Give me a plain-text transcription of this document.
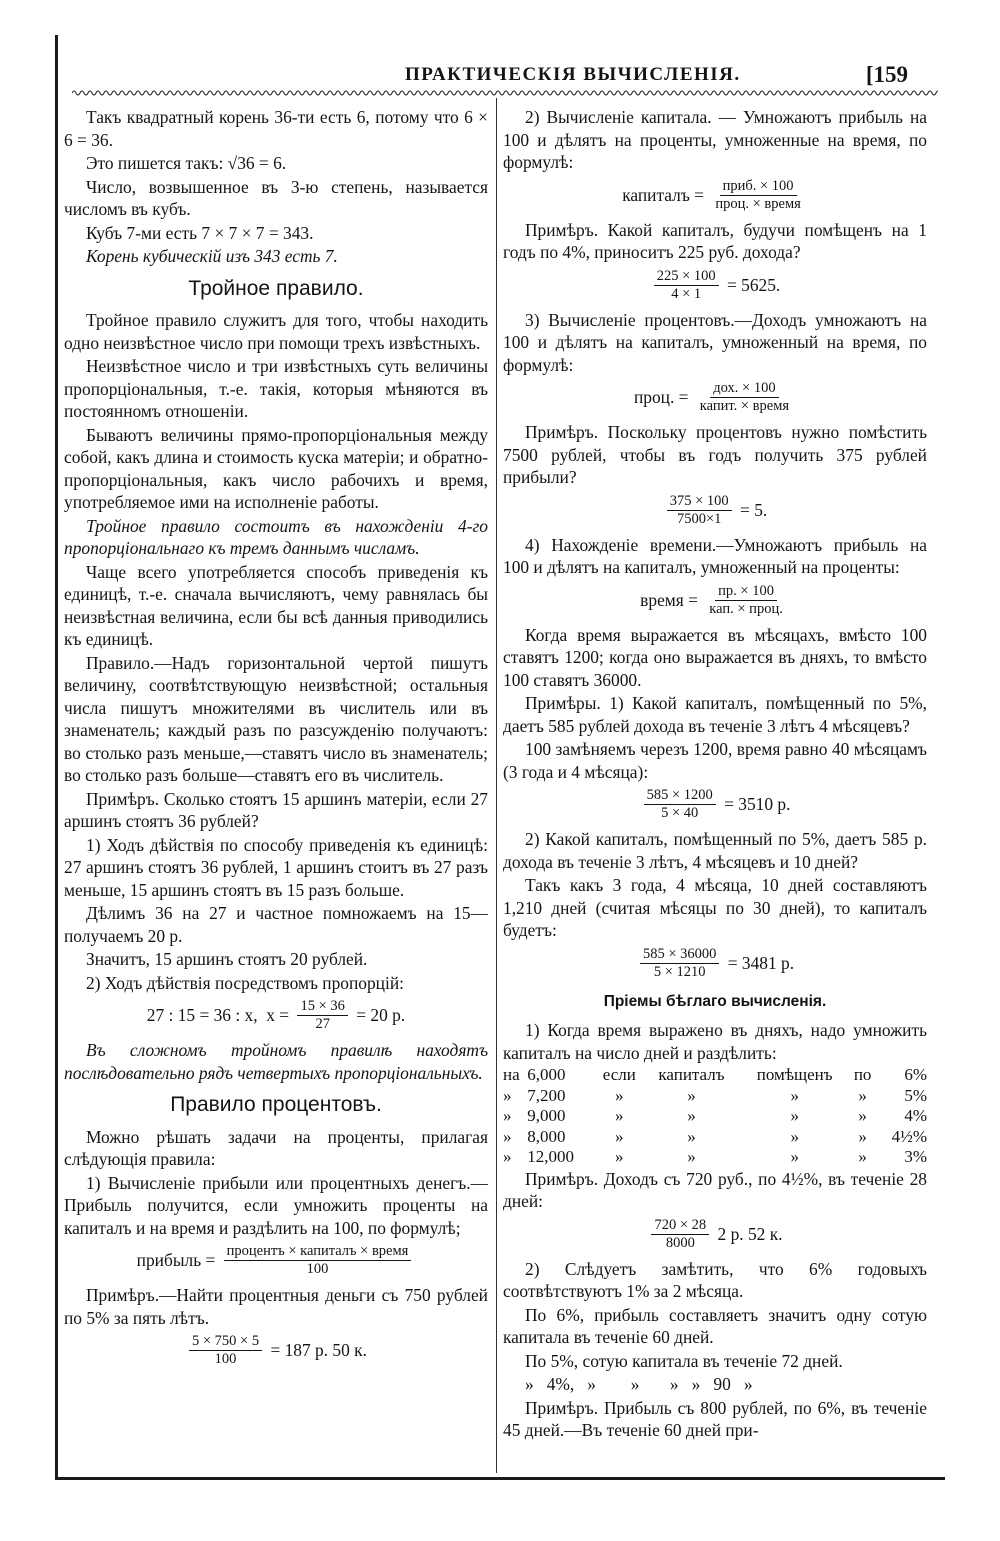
ПРАКТИЧЕСКІЯ ВЫЧИСЛЕНІЯ.	[159

Такъ квадратный корень 36-ти есть 6, потому что 6 × 6 = 36.

Это пишется такъ: √36 = 6.

Число, возвышенное въ 3-ю степень, называется числомъ въ кубъ.

Кубъ 7-ми есть 7 × 7 × 7 = 343.

Корень кубическій изъ 343 есть 7.

Тройное правило.

Тройное правило служитъ для того, чтобы находить одно неизвѣстное число при помощи трехъ извѣстныхъ.

Неизвѣстное число и три извѣстныхъ суть величины пропорціональныя, т.-е. такія, которыя мѣняются въ постоянномъ отношеніи.

Бываютъ величины прямо-пропорціональныя между собой, какъ длина и стоимость куска матеріи; и обратно-пропорціональныя, какъ число рабочихъ и время, употребляемое ими на исполненіе работы.

Тройное правило состоитъ въ нахожденіи 4-го пропорціональнаго къ тремъ даннымъ числамъ.

Чаще всего употребляется способъ приведенія къ единицѣ, т.-е. сначала вычисляютъ, чему равнялась бы неизвѣстная величина, если бы всѣ данныя приводились къ единицѣ.

Правило.—Надъ горизонтальной чертой пишутъ величину, соотвѣтствующую неизвѣстной; остальныя числа пишутъ множителями въ числитель или въ знаменатель; каждый разъ по разсужденію получаютъ: во столько разъ меньше,—ставятъ число въ знаменатель; во столько разъ больше—ставятъ его въ числитель.

Примѣръ. Сколько стоятъ 15 аршинъ матеріи, если 27 аршинъ стоятъ 36 рублей?

1) Ходъ дѣйствія по способу приведенія къ единицѣ: 27 аршинъ стоятъ 36 рублей, 1 аршинъ стоитъ въ 27 разъ меньше, 15 аршинъ стоятъ въ 15 разъ больше.

Дѣлимъ 36 на 27 и частное помножаемъ на 15—получаемъ 20 р.

Значитъ, 15 аршинъ стоятъ 20 рублей.

2) Ходъ дѣйствія посредствомъ пропорцій:

27 : 15 = 36 : x,  $x = \frac{15 \times 36}{27} = 20$ р.

Въ сложномъ тройномъ правилѣ находятъ послѣдовательно рядъ четвертыхъ пропорціональныхъ.

Правило процентовъ.

Можно рѣшать задачи на проценты, прилагая слѣдующія правила:

1) Вычисленіе прибыли или процентныхъ денегъ.—Прибыль получится, если умножить проценты на капиталъ и на время и раздѣлить на 100, по формулѣ;

прибыль = $\frac{\text{процентъ × капиталъ × время}}{100}$

Примѣръ.—Найти процентныя деньги съ 750 рублей по 5% за пять лѣтъ.

$\frac{5 \times 750 \times 5}{100} = 187$ р. 50 к.

2) Вычисленіе капитала. — Умножаютъ прибыль на 100 и дѣлятъ на проценты, умноженные на время, по формулѣ:

капиталъ = $\frac{\text{приб. × 100}}{\text{проц. × время}}$

Примѣръ. Какой капиталъ, будучи помѣщенъ на 1 годъ по 4%, приноситъ 225 руб. дохода?

$\frac{225 \times 100}{4 \times 1} = 5625$.

3) Вычисленіе процентовъ.—Доходъ умножаютъ на 100 и дѣлятъ на капиталъ, умноженный на время, по формулѣ:

проц. = $\frac{\text{дох. × 100}}{\text{капит. × время}}$

Примѣръ. Поскольку процентовъ нужно помѣстить 7500 рублей, чтобы въ годъ получить 375 рублей прибыли?

$\frac{375 \times 100}{7500\times 1} = 5$.

4) Нахожденіе времени.—Умножаютъ прибыль на 100 и дѣлятъ на капиталъ, умноженный на проценты:

время = $\frac{пр. \times 100}{\text{кап. × проц.}}$

Когда время выражается въ мѣсяцахъ, вмѣсто 100 ставятъ 1200; когда оно выражается въ дняхъ, то вмѣсто 100 ставятъ 36000.

Примѣры. 1) Какой капиталъ, помѣщенный по 5%, даетъ 585 рублей дохода въ теченіе 3 лѣтъ 4 мѣсяцевъ?

100 замѣняемъ черезъ 1200, время равно 40 мѣсяцамъ (3 года и 4 мѣсяца):

$\frac{585 \times 1200}{5 \times 40} = 3510$ р.

2) Какой капиталъ, помѣщенный по 5%, даетъ 585 р. дохода въ теченіе 3 лѣтъ, 4 мѣсяцевъ и 10 дней?

Такъ какъ 3 года, 4 мѣсяца, 10 дней составляютъ 1,210 дней (считая мѣсяцы по 30 дней), то капиталъ будетъ:

$\frac{585 \times 36000}{5 \times 1210} = 3481$ р.
Пріемы бѣглаго вычисленія.

1) Когда время выражено въ дняхъ, надо умножить капиталъ на число дней и раздѣлить:

на	6,000	если	капиталъ	помѣщенъ	по	6%
»	7,200	»	»	»	»	5%
»	9,000	»	»	»	»	4%
»	8,000	»	»	»	»	4½%
»	12,000	»	»	»	»	3%

Примѣръ. Доходъ съ 720 руб., по 4½%, въ теченіе 28 дней:

$\frac{720 \times 28}{8000} 2$ р. 52 к.

2) Слѣдуетъ замѣтить, что 6% годовыхъ соотвѣтствуютъ 1% за 2 мѣсяца.

По 6%, прибыль составляетъ значитъ одну сотую капитала въ теченіе 60 дней.

По 5%, сотую капитала въ теченіе 72 дней.

»   4%,   »        »       »   »   90   »

Примѣръ. Прибыль съ 800 рублей, по 6%, въ теченіе 45 дней.—Въ теченіе 60 дней при-
